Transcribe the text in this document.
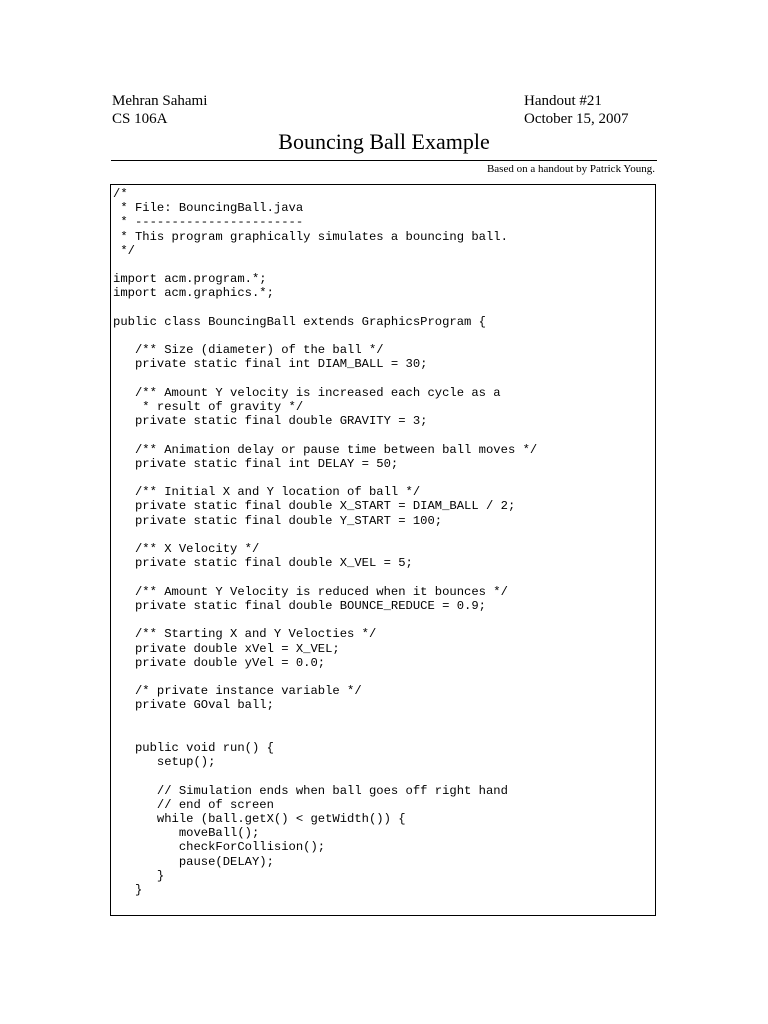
Mehran Sahami
CS 106A
Handout #21
October 15, 2007
Bouncing Ball Example
Based on a handout by Patrick Young.
/*
* File: BouncingBall.java
* -----------------------
* This program graphically simulates a bouncing ball.
*/

import acm.program.*;
import acm.graphics.*;

public class BouncingBall extends GraphicsProgram {

/** Size (diameter) of the ball */
private static final int DIAM_BALL = 30;

/** Amount Y velocity is increased each cycle as a
* result of gravity */
private static final double GRAVITY = 3;

/** Animation delay or pause time between ball moves */
private static final int DELAY = 50;

/** Initial X and Y location of ball */
private static final double X_START = DIAM_BALL / 2;
private static final double Y_START = 100;

/** X Velocity */
private static final double X_VEL = 5;

/** Amount Y Velocity is reduced when it bounces */
private static final double BOUNCE_REDUCE = 0.9;

/** Starting X and Y Velocties */
private double xVel = X_VEL;
private double yVel = 0.0;

/* private instance variable */
private GOval ball;

public void run() {
setup();

// Simulation ends when ball goes off right hand
// end of screen
while (ball.getX() < getWidth()) {
moveBall();
checkForCollision();
pause(DELAY);
}
}
